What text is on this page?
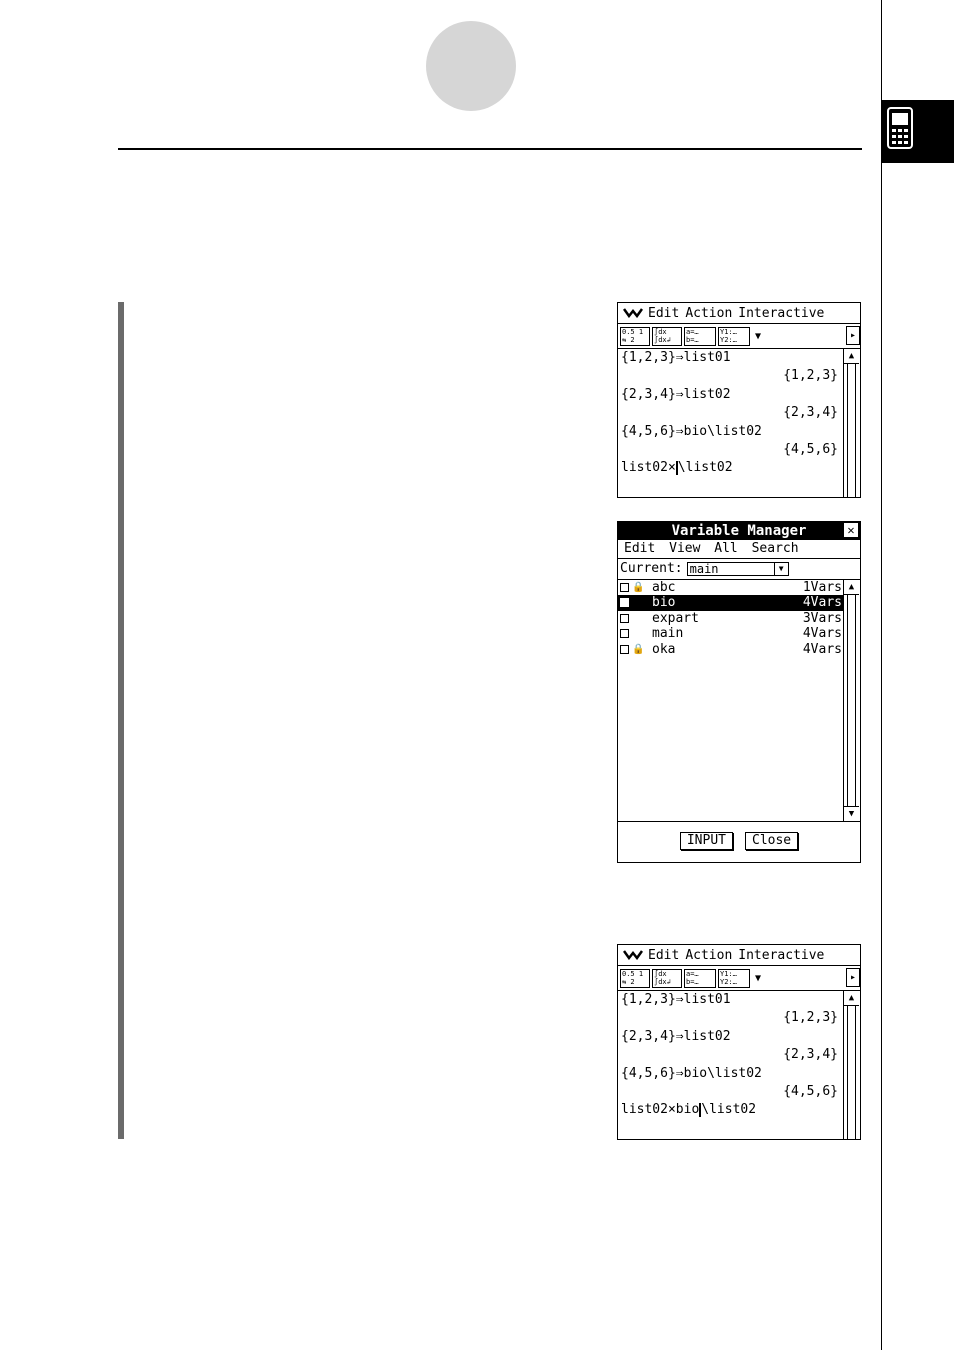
Edit Action Interactive
0.5 1
⇆ 2
∫dx
∫dx↲
a=…
b=…
Y1:…
Y2:…	▼	▸
{1,2,3}⇒list01
{1,2,3}
{2,3,4}⇒list02
{2,3,4}
{4,5,6}⇒bio\list02
{4,5,6}
list02× \list02
▲
Variable Manager	✕
Edit View All Search
Current: main	▼
🔒 abc	1Vars
bio	4Vars
expart	3Vars
main	4Vars
🔒 oka	4Vars
▲
▼
INPUT	Close
Edit Action Interactive
0.5 1
⇆ 2
∫dx
∫dx↲
a=…
b=…
Y1:…
Y2:…	▼	▸
{1,2,3}⇒list01
{1,2,3}
{2,3,4}⇒list02
{2,3,4}
{4,5,6}⇒bio\list02
{4,5,6}
list02×bio \list02
▲
